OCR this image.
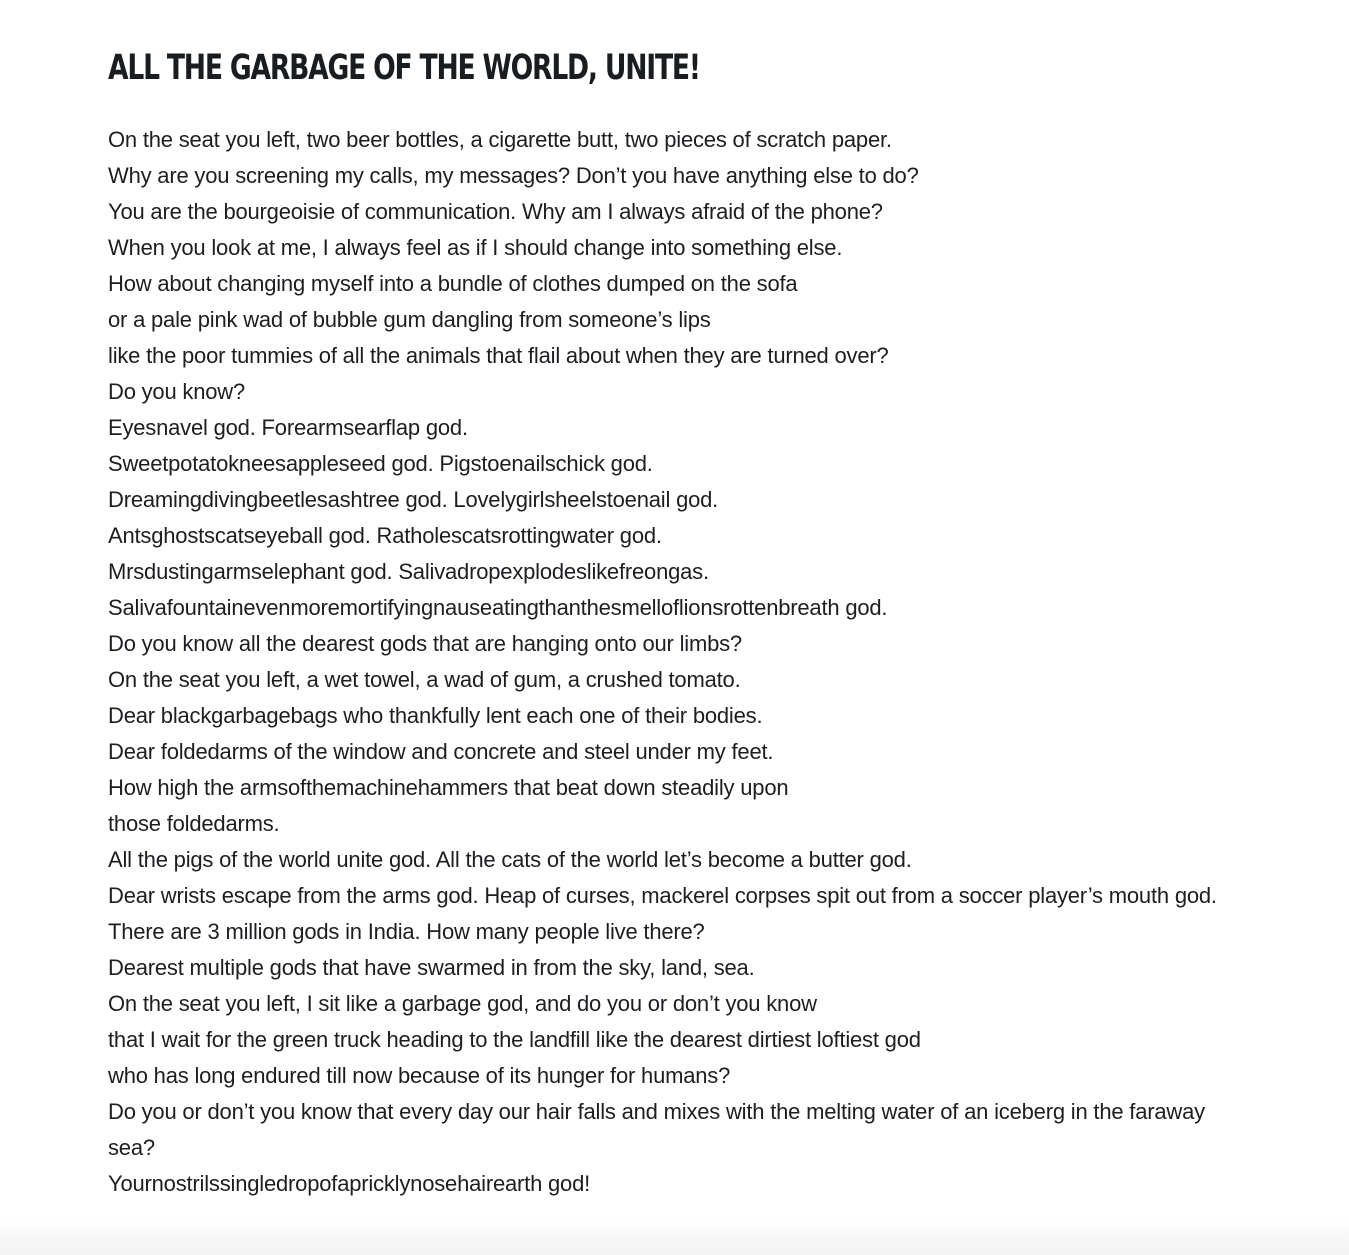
ALL THE GARBAGE OF THE WORLD, UNITE!
On the seat you left, two beer bottles, a cigarette butt, two pieces of scratch paper.
Why are you screening my calls, my messages? Don’t you have anything else to do?
You are the bourgeoisie of communication. Why am I always afraid of the phone?
When you look at me, I always feel as if I should change into something else.
How about changing myself into a bundle of clothes dumped on the sofa
or a pale pink wad of bubble gum dangling from someone’s lips
like the poor tummies of all the animals that flail about when they are turned over?
Do you know?
Eyesnavel god. Forearmsearflap god.
Sweetpotatokneesappleseed god. Pigstoenailschick god.
Dreamingdivingbeetlesashtree god. Lovelygirlsheelstoenail god.
Antsghostscatseyeball god. Ratholescatsrottingwater god.
Mrsdustingarmselephant god. Salivadropexplodeslikefreongas.
Salivafountainevenmoremortifyingnauseatingthanthesmelloflionsrottenbreath god.
Do you know all the dearest gods that are hanging onto our limbs?
On the seat you left, a wet towel, a wad of gum, a crushed tomato.
Dear blackgarbagebags who thankfully lent each one of their bodies.
Dear foldedarms of the window and concrete and steel under my feet.
How high the armsofthemachinehammers that beat down steadily upon
those foldedarms.
All the pigs of the world unite god. All the cats of the world let’s become a butter god.
Dear wrists escape from the arms god. Heap of curses, mackerel corpses spit out from a soccer player’s mouth god.
There are 3 million gods in India. How many people live there?
Dearest multiple gods that have swarmed in from the sky, land, sea.
On the seat you left, I sit like a garbage god, and do you or don’t you know
that I wait for the green truck heading to the landfill like the dearest dirtiest loftiest god
who has long endured till now because of its hunger for humans?
Do you or don’t you know that every day our hair falls and mixes with the melting water of an iceberg in the faraway
sea?
Yournostrilssingledropofapricklynosehairearth god!
